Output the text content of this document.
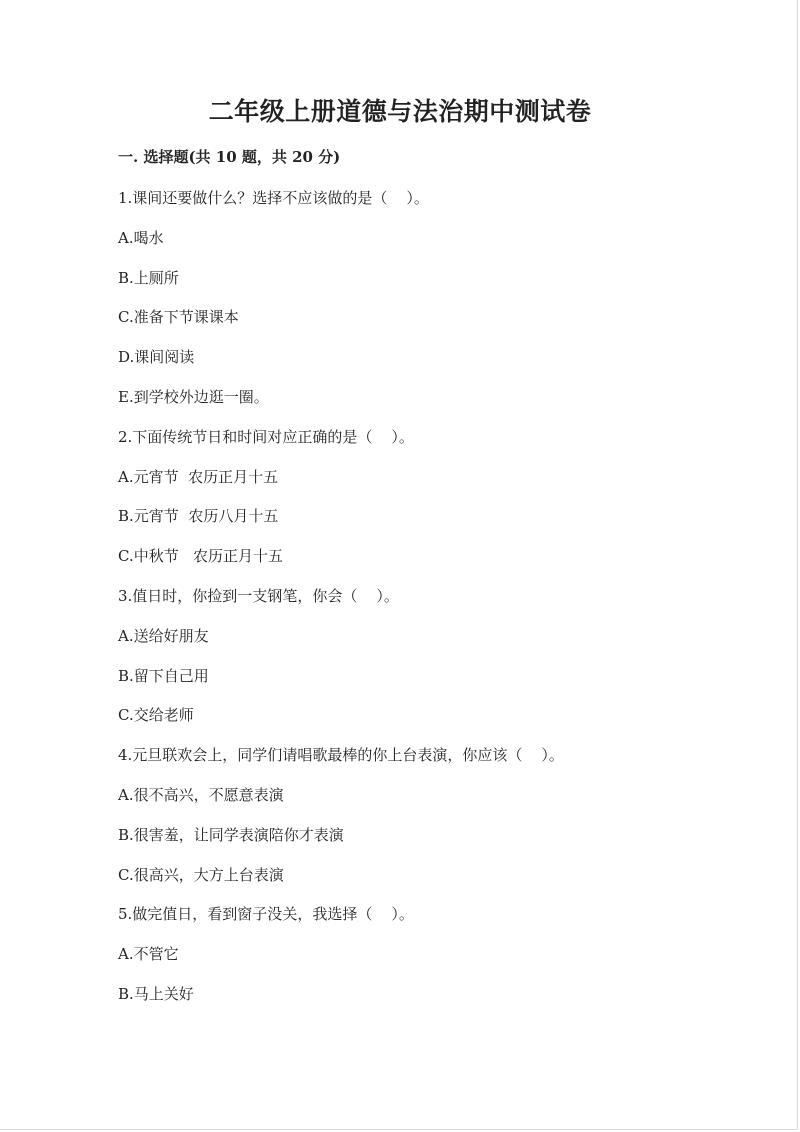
二年级上册道德与法治期中测试卷
一. 选择题(共 10 题，共 20 分)
1.课间还要做什么？选择不应该做的是（    ）。
A.喝水
B.上厕所
C.准备下节课课本
D.课间阅读
E.到学校外边逛一圈。
2.下面传统节日和时间对应正确的是（    ）。
A.元宵节  农历正月十五
B.元宵节  农历八月十五
C.中秋节   农历正月十五
3.值日时，你捡到一支钢笔，你会（    ）。
A.送给好朋友
B.留下自己用
C.交给老师
4.元旦联欢会上，同学们请唱歌最棒的你上台表演，你应该（    ）。
A.很不高兴，不愿意表演
B.很害羞，让同学表演陪你才表演
C.很高兴，大方上台表演
5.做完值日，看到窗子没关，我选择（    ）。
A.不管它
B.马上关好
